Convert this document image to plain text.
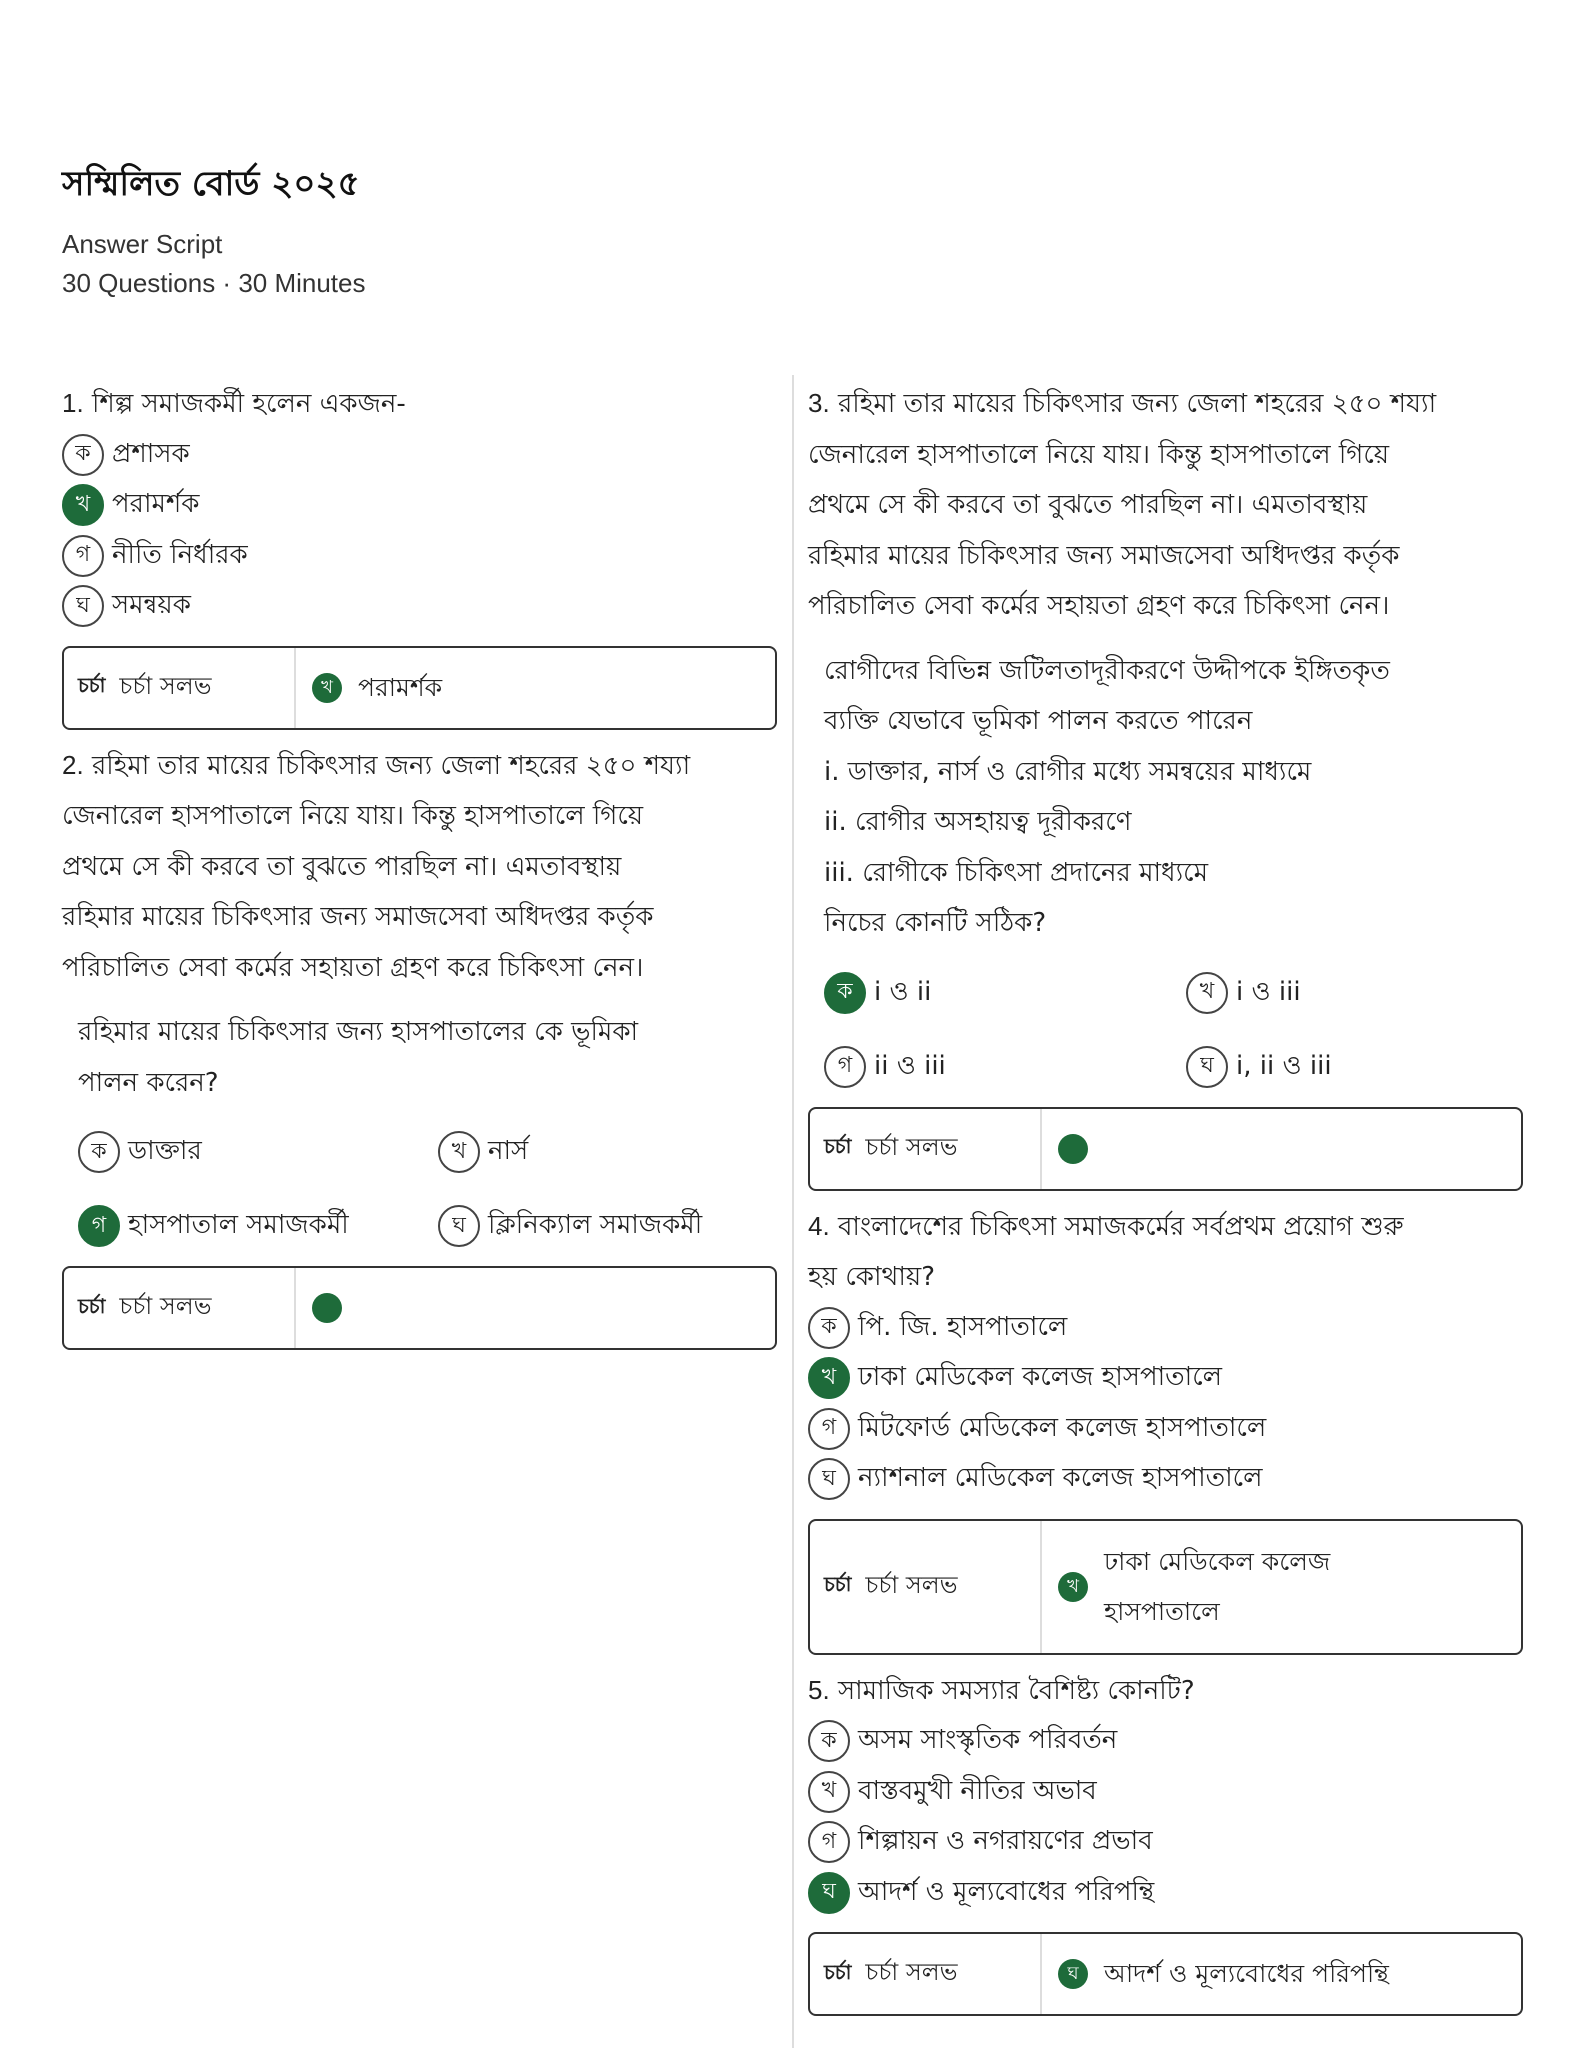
সম্মিলিত বোর্ড ২০২৫
Answer Script
30 Questions · 30 Minutes
1. শিল্প সমাজকর্মী হলেন একজন-
ক প্রশাসক
খ পরামর্শক
গ নীতি নির্ধারক
ঘ সমন্বয়ক
চর্চা চর্চা সলভ	খ	পরামর্শক
2. রহিমা তার মায়ের চিকিৎসার জন্য জেলা শহরের ২৫০ শয্যা
জেনারেল হাসপাতালে নিয়ে যায়। কিন্তু হাসপাতালে গিয়ে
প্রথমে সে কী করবে তা বুঝতে পারছিল না। এমতাবস্থায়
রহিমার মায়ের চিকিৎসার জন্য সমাজসেবা অধিদপ্তর কর্তৃক
পরিচালিত সেবা কর্মের সহায়তা গ্রহণ করে চিকিৎসা নেন।
রহিমার মায়ের চিকিৎসার জন্য হাসপাতালের কে ভূমিকা
পালন করেন?
ক ডাক্তার	খ নার্স
গ হাসপাতাল সমাজকর্মী	ঘ ক্লিনিক্যাল সমাজকর্মী
চর্চা চর্চা সলভ
3. রহিমা তার মায়ের চিকিৎসার জন্য জেলা শহরের ২৫০ শয্যা
জেনারেল হাসপাতালে নিয়ে যায়। কিন্তু হাসপাতালে গিয়ে
প্রথমে সে কী করবে তা বুঝতে পারছিল না। এমতাবস্থায়
রহিমার মায়ের চিকিৎসার জন্য সমাজসেবা অধিদপ্তর কর্তৃক
পরিচালিত সেবা কর্মের সহায়তা গ্রহণ করে চিকিৎসা নেন।
রোগীদের বিভিন্ন জটিলতাদূরীকরণে উদ্দীপকে ইঙ্গিতকৃত
ব্যক্তি যেভাবে ভূমিকা পালন করতে পারেন
i. ডাক্তার, নার্স ও রোগীর মধ্যে সমন্বয়ের মাধ্যমে
ii. রোগীর অসহায়ত্ব দূরীকরণে
iii. রোগীকে চিকিৎসা প্রদানের মাধ্যমে
নিচের কোনটি সঠিক?
ক i ও ii	খ i ও iii
গ ii ও iii	ঘ i, ii ও iii
চর্চা চর্চা সলভ
4. বাংলাদেশের চিকিৎসা সমাজকর্মের সর্বপ্রথম প্রয়োগ শুরু
হয় কোথায়?
ক পি. জি. হাসপাতালে
খ ঢাকা মেডিকেল কলেজ হাসপাতালে
গ মিটফোর্ড মেডিকেল কলেজ হাসপাতালে
ঘ ন্যাশনাল মেডিকেল কলেজ হাসপাতালে
চর্চা চর্চা সলভ	খ
ঢাকা মেডিকেল কলেজ
হাসপাতালে
5. সামাজিক সমস্যার বৈশিষ্ট্য কোনটি?
ক অসম সাংস্কৃতিক পরিবর্তন
খ বাস্তবমুখী নীতির অভাব
গ শিল্পায়ন ও নগরায়ণের প্রভাব
ঘ আদর্শ ও মূল্যবোধের পরিপন্থি
চর্চা চর্চা সলভ	ঘ	আদর্শ ও মূল্যবোধের পরিপন্থি
